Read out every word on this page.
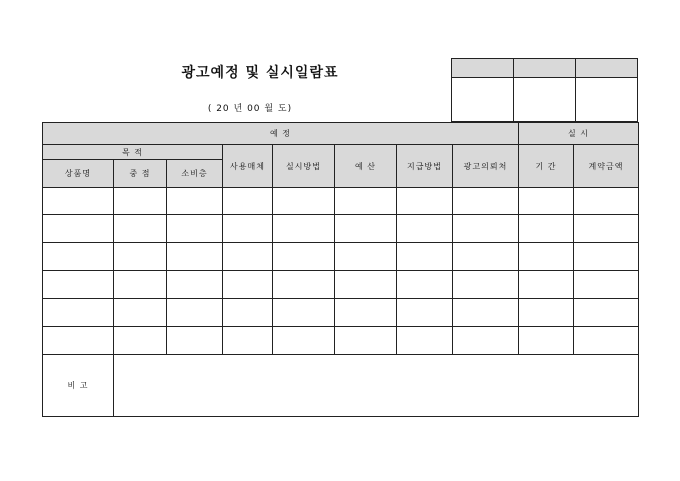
광고예정 및 실시일람표
( 20 년 00 월 도)

예 정								실 시	
목 적			사용매체	실시방법	예 산	지급방법	광고의뢰처	기 간	계약금액
상품명	중 점	소비층							

비 고									
